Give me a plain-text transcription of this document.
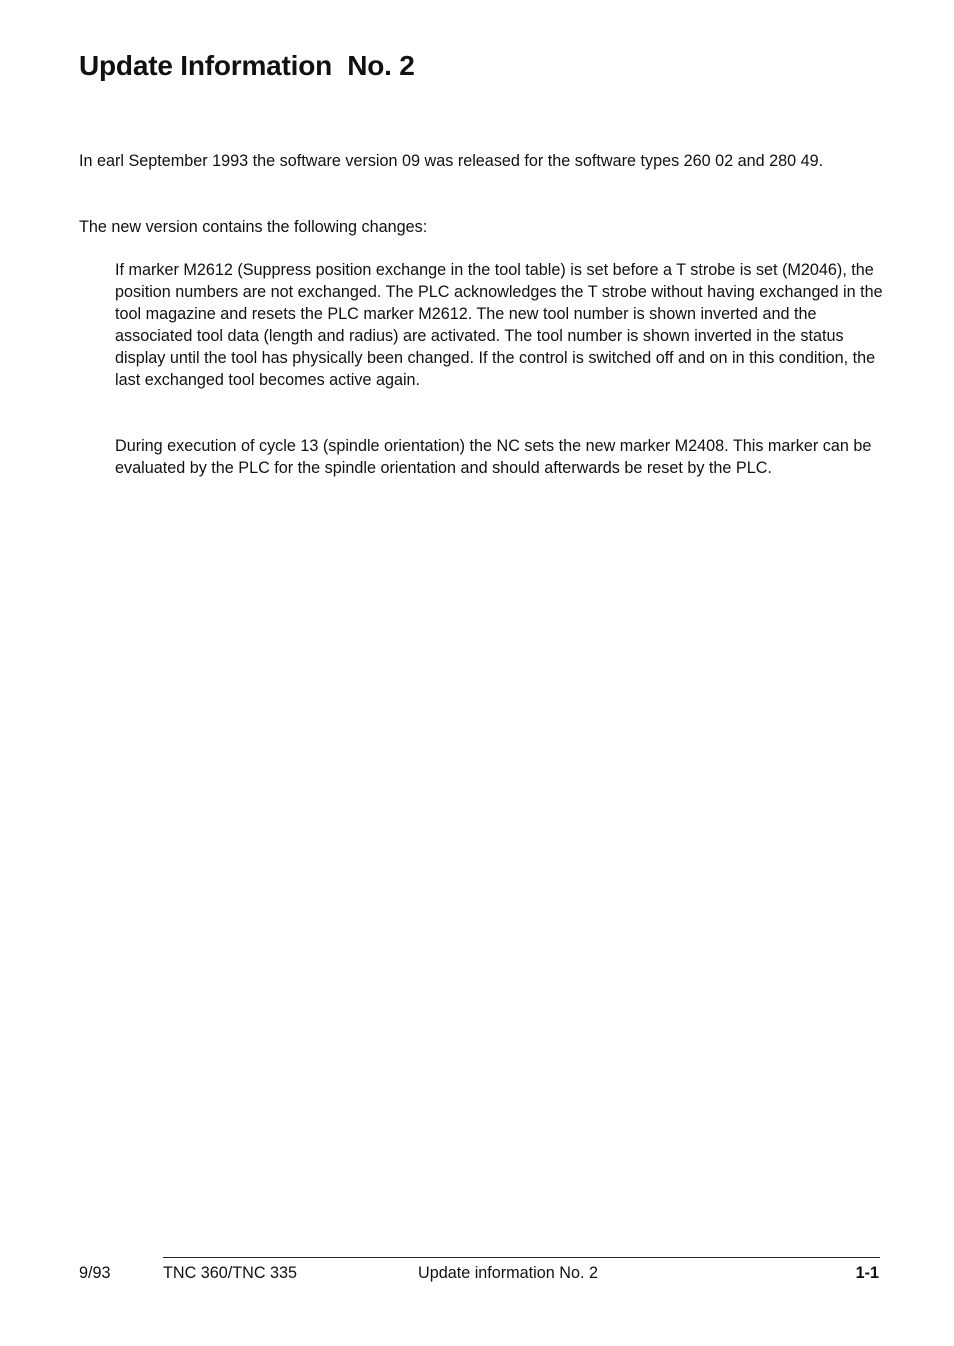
Update Information  No. 2

In earl September 1993 the software version 09 was released for the software types 260 02 and 280 49.

The new version contains the following changes:

If marker M2612 (Suppress position exchange in the tool table) is set before a T strobe is set (M2046), the position numbers are not exchanged. The PLC acknowledges the T strobe without having exchanged in the tool magazine and resets the PLC marker M2612. The new tool number is shown inverted and the associated tool data (length and radius) are activated. The tool number is shown inverted in the status display until the tool has physically been changed. If the control is switched off and on in this condition, the last exchanged tool becomes active again.

During execution of cycle 13 (spindle orientation) the NC sets the new marker M2408. This marker can be evaluated by the PLC for the spindle orientation and should afterwards be reset by the PLC.

9/93	TNC 360/TNC 335	Update information No. 2	1-1
